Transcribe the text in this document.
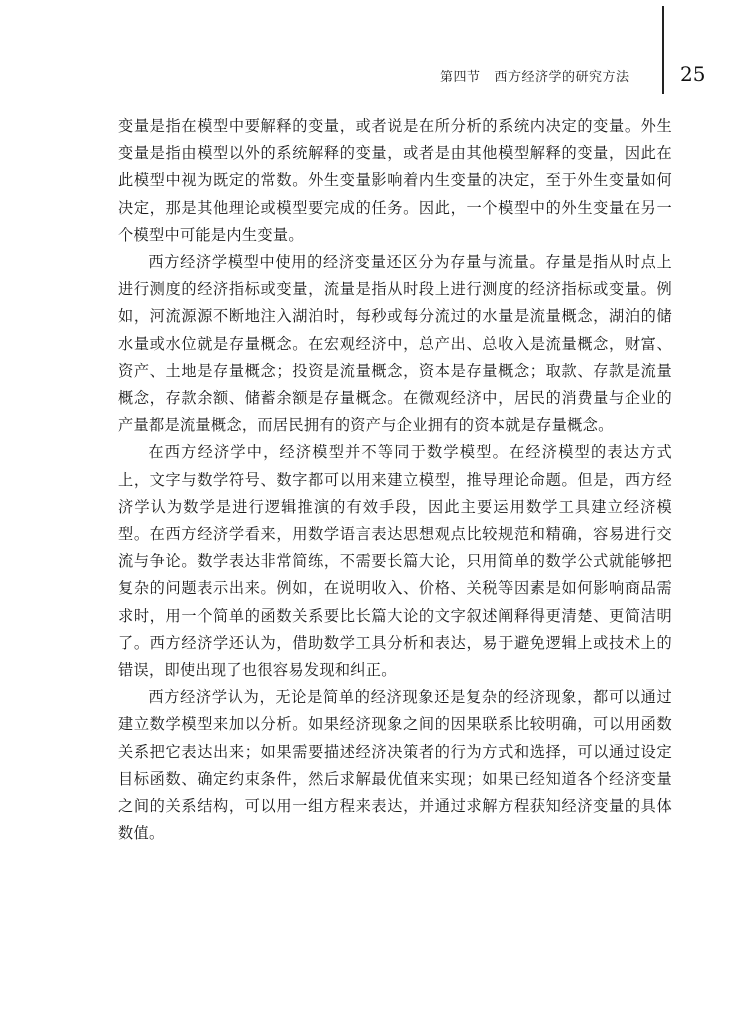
第四节 西方经济学的研究方法	25

变量是指在模型中要解释的变量，或者说是在所分析的系统内决定的变量。外生变量是指由模型以外的系统解释的变量，或者是由其他模型解释的变量，因此在此模型中视为既定的常数。外生变量影响着内生变量的决定，至于外生变量如何决定，那是其他理论或模型要完成的任务。因此，一个模型中的外生变量在另一个模型中可能是内生变量。

西方经济学模型中使用的经济变量还区分为存量与流量。存量是指从时点上进行测度的经济指标或变量，流量是指从时段上进行测度的经济指标或变量。例如，河流源源不断地注入湖泊时，每秒或每分流过的水量是流量概念，湖泊的储水量或水位就是存量概念。在宏观经济中，总产出、总收入是流量概念，财富、资产、土地是存量概念；投资是流量概念，资本是存量概念；取款、存款是流量概念，存款余额、储蓄余额是存量概念。在微观经济中，居民的消费量与企业的产量都是流量概念，而居民拥有的资产与企业拥有的资本就是存量概念。

在西方经济学中，经济模型并不等同于数学模型。在经济模型的表达方式上，文字与数学符号、数字都可以用来建立模型，推导理论命题。但是，西方经济学认为数学是进行逻辑推演的有效手段，因此主要运用数学工具建立经济模型。在西方经济学看来，用数学语言表达思想观点比较规范和精确，容易进行交流与争论。数学表达非常简练，不需要长篇大论，只用简单的数学公式就能够把复杂的问题表示出来。例如，在说明收入、价格、关税等因素是如何影响商品需求时，用一个简单的函数关系要比长篇大论的文字叙述阐释得更清楚、更简洁明了。西方经济学还认为，借助数学工具分析和表达，易于避免逻辑上或技术上的错误，即使出现了也很容易发现和纠正。

西方经济学认为，无论是简单的经济现象还是复杂的经济现象，都可以通过建立数学模型来加以分析。如果经济现象之间的因果联系比较明确，可以用函数关系把它表达出来；如果需要描述经济决策者的行为方式和选择，可以通过设定目标函数、确定约束条件，然后求解最优值来实现；如果已经知道各个经济变量之间的关系结构，可以用一组方程来表达，并通过求解方程获知经济变量的具体数值。
